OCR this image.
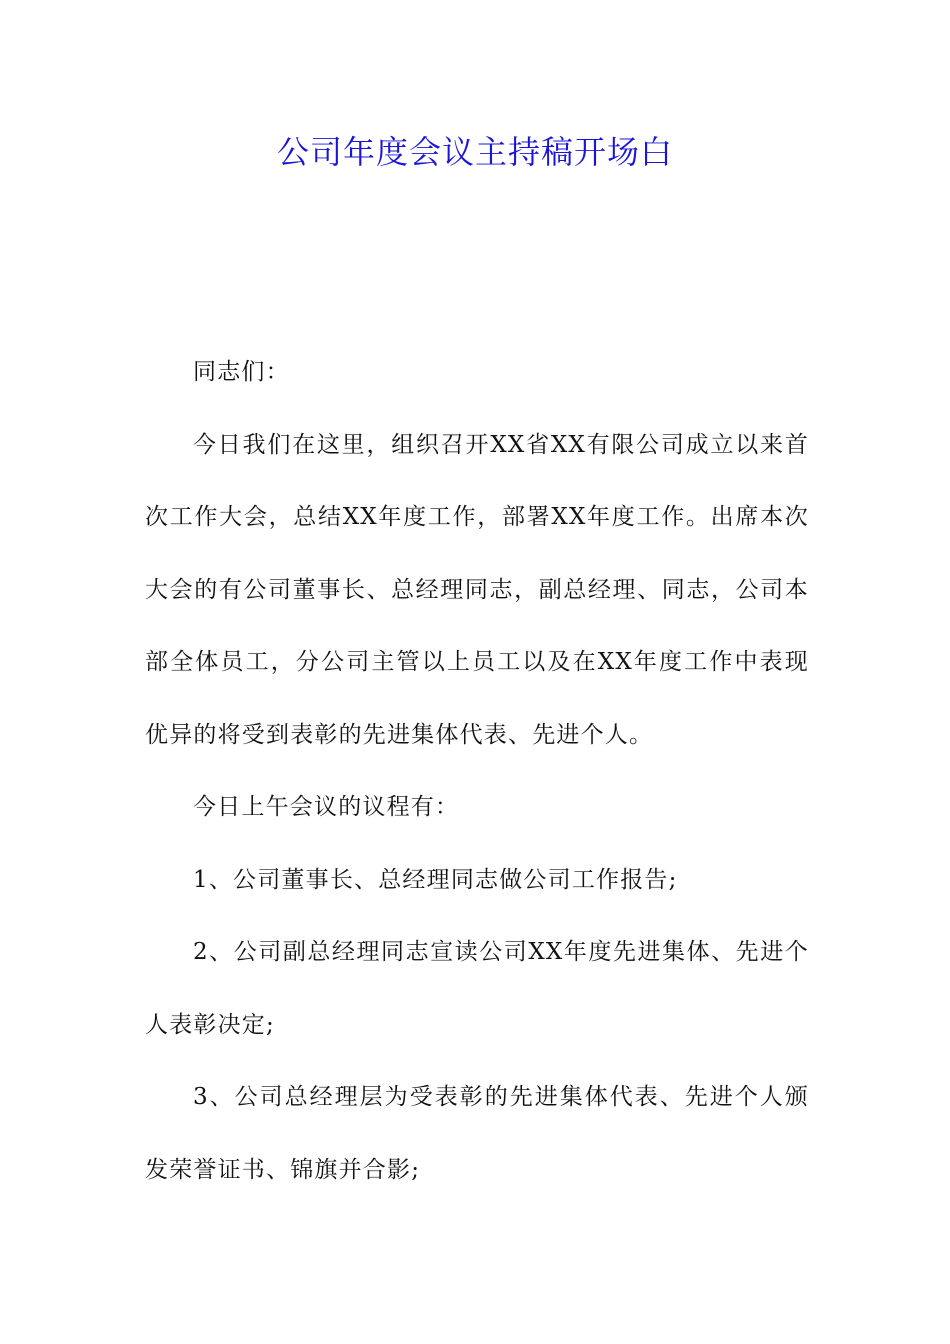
公司年度会议主持稿开场白

同志们：

今日我们在这里，组织召开XX省XX有限公司成立以来首次工作大会，总结XX年度工作，部署XX年度工作。出席本次大会的有公司董事长、总经理同志，副总经理、同志，公司本部全体员工，分公司主管以上员工以及在XX年度工作中表现优异的将受到表彰的先进集体代表、先进个人。

今日上午会议的议程有：

1、公司董事长、总经理同志做公司工作报告;

2、公司副总经理同志宣读公司XX年度先进集体、先进个人表彰决定;

3、公司总经理层为受表彰的先进集体代表、先进个人颁发荣誉证书、锦旗并合影;
